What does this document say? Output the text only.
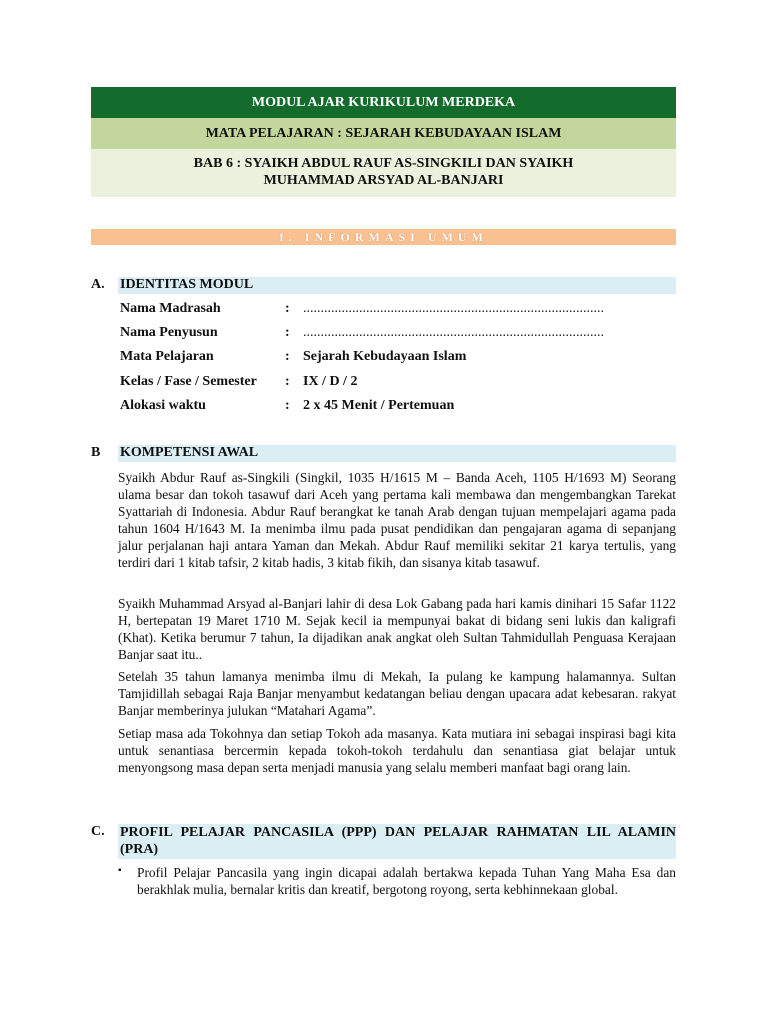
MODUL AJAR KURIKULUM MERDEKA
MATA PELAJARAN : SEJARAH KEBUDAYAAN ISLAM
BAB 6 : SYAIKH ABDUL RAUF AS-SINGKILI DAN SYAIKH MUHAMMAD ARSYAD AL-BANJARI
I. INFORMASI UMUM
A. IDENTITAS MODUL
Nama Madrasah	: ......................................................................................
Nama Penyusun	: ......................................................................................
Mata Pelajaran	: Sejarah Kebudayaan Islam
Kelas / Fase / Semester	: IX / D / 2
Alokasi waktu	: 2 x 45 Menit / Pertemuan
B KOMPETENSI AWAL

Syaikh Abdur Rauf as-Singkili (Singkil, 1035 H/1615 M – Banda Aceh, 1105 H/1693 M) Seorang ulama besar dan tokoh tasawuf dari Aceh yang pertama kali membawa dan mengembangkan Tarekat Syattariah di Indonesia. Abdur Rauf berangkat ke tanah Arab dengan tujuan mempelajari agama pada tahun 1604 H/1643 M. Ia menimba ilmu pada pusat pendidikan dan pengajaran agama di sepanjang jalur perjalanan haji antara Yaman dan Mekah. Abdur Rauf memiliki sekitar 21 karya tertulis, yang terdiri dari 1 kitab tafsir, 2 kitab hadis, 3 kitab fikih, dan sisanya kitab tasawuf.

Syaikh Muhammad Arsyad al-Banjari lahir di desa Lok Gabang pada hari kamis dinihari 15 Safar 1122 H, bertepatan 19 Maret 1710 M. Sejak kecil ia mempunyai bakat di bidang seni lukis dan kaligrafi (Khat). Ketika berumur 7 tahun, Ia dijadikan anak angkat oleh Sultan Tahmidullah Penguasa Kerajaan Banjar saat itu..

Setelah 35 tahun lamanya menimba ilmu di Mekah, Ia pulang ke kampung halamannya. Sultan Tamjidillah sebagai Raja Banjar menyambut kedatangan beliau dengan upacara adat kebesaran. rakyat Banjar memberinya julukan “Matahari Agama”.

Setiap masa ada Tokohnya dan setiap Tokoh ada masanya. Kata mutiara ini sebagai inspirasi bagi kita untuk senantiasa bercermin kepada tokoh-tokoh terdahulu dan senantiasa giat belajar untuk menyongsong masa depan serta menjadi manusia yang selalu memberi manfaat bagi orang lain.

C. PROFIL PELAJAR PANCASILA (PPP) DAN PELAJAR RAHMATAN LIL ALAMIN (PRA)
▪ Profil Pelajar Pancasila yang ingin dicapai adalah bertakwa kepada Tuhan Yang Maha Esa dan berakhlak mulia, bernalar kritis dan kreatif, bergotong royong, serta kebhinnekaan global.
